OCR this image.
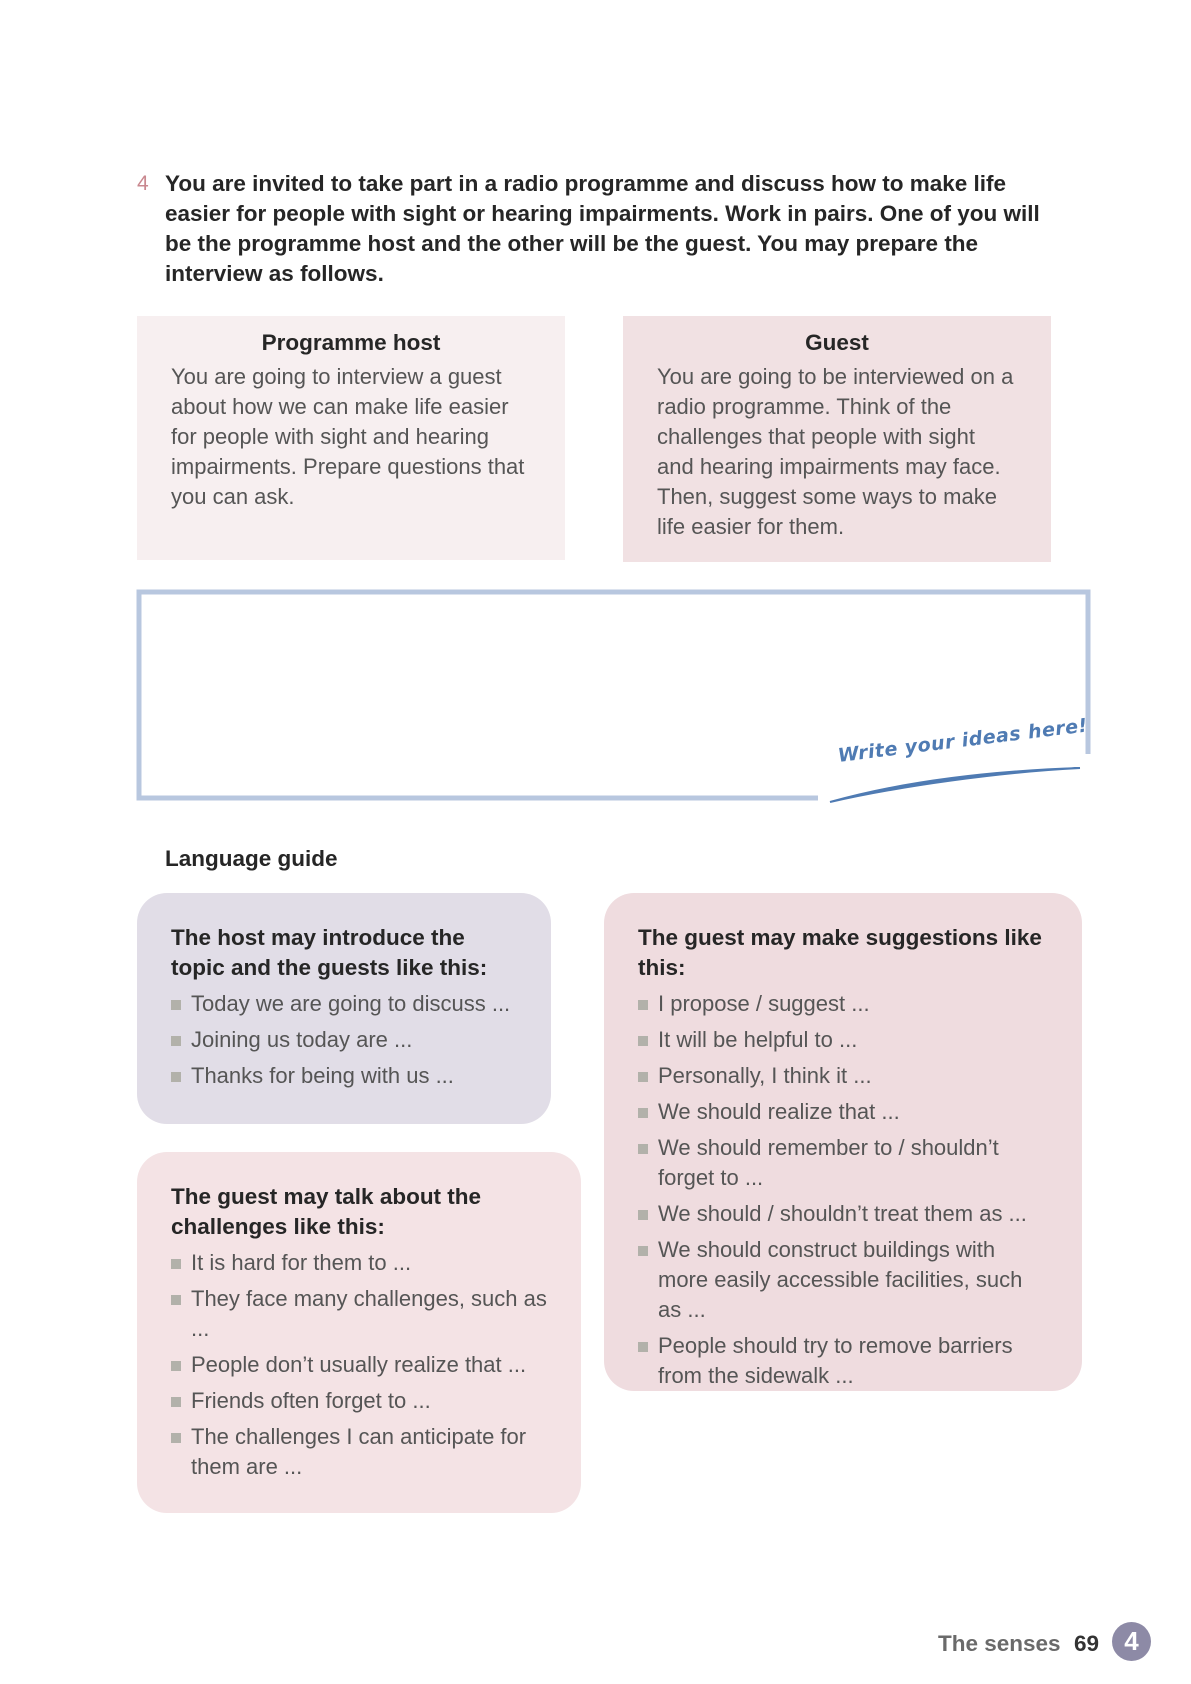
4 You are invited to take part in a radio programme and discuss how to make life easier for people with sight or hearing impairments. Work in pairs. One of you will be the programme host and the other will be the guest. You may prepare the interview as follows.
Programme host
You are going to interview a guest about how we can make life easier for people with sight and hearing impairments. Prepare questions that you can ask.
Guest
You are going to be interviewed on a radio programme. Think of the challenges that people with sight and hearing impairments may face. Then, suggest some ways to make life easier for them.
Write your ideas here!
Language guide
The host may introduce the topic and the guests like this:
Today we are going to discuss ...
Joining us today are ...
Thanks for being with us ...
The guest may talk about the challenges like this:
It is hard for them to ...
They face many challenges, such as ...
People don’t usually realize that ...
Friends often forget to ...
The challenges I can anticipate for them are ...
The guest may make suggestions like this:
I propose / suggest ...
It will be helpful to ...
Personally, I think it ...
We should realize that ...
We should remember to / shouldn’t forget to ...
We should / shouldn’t treat them as ...
We should construct buildings with more easily accessible facilities, such as ...
People should try to remove barriers from the sidewalk ...
The senses 69 4
